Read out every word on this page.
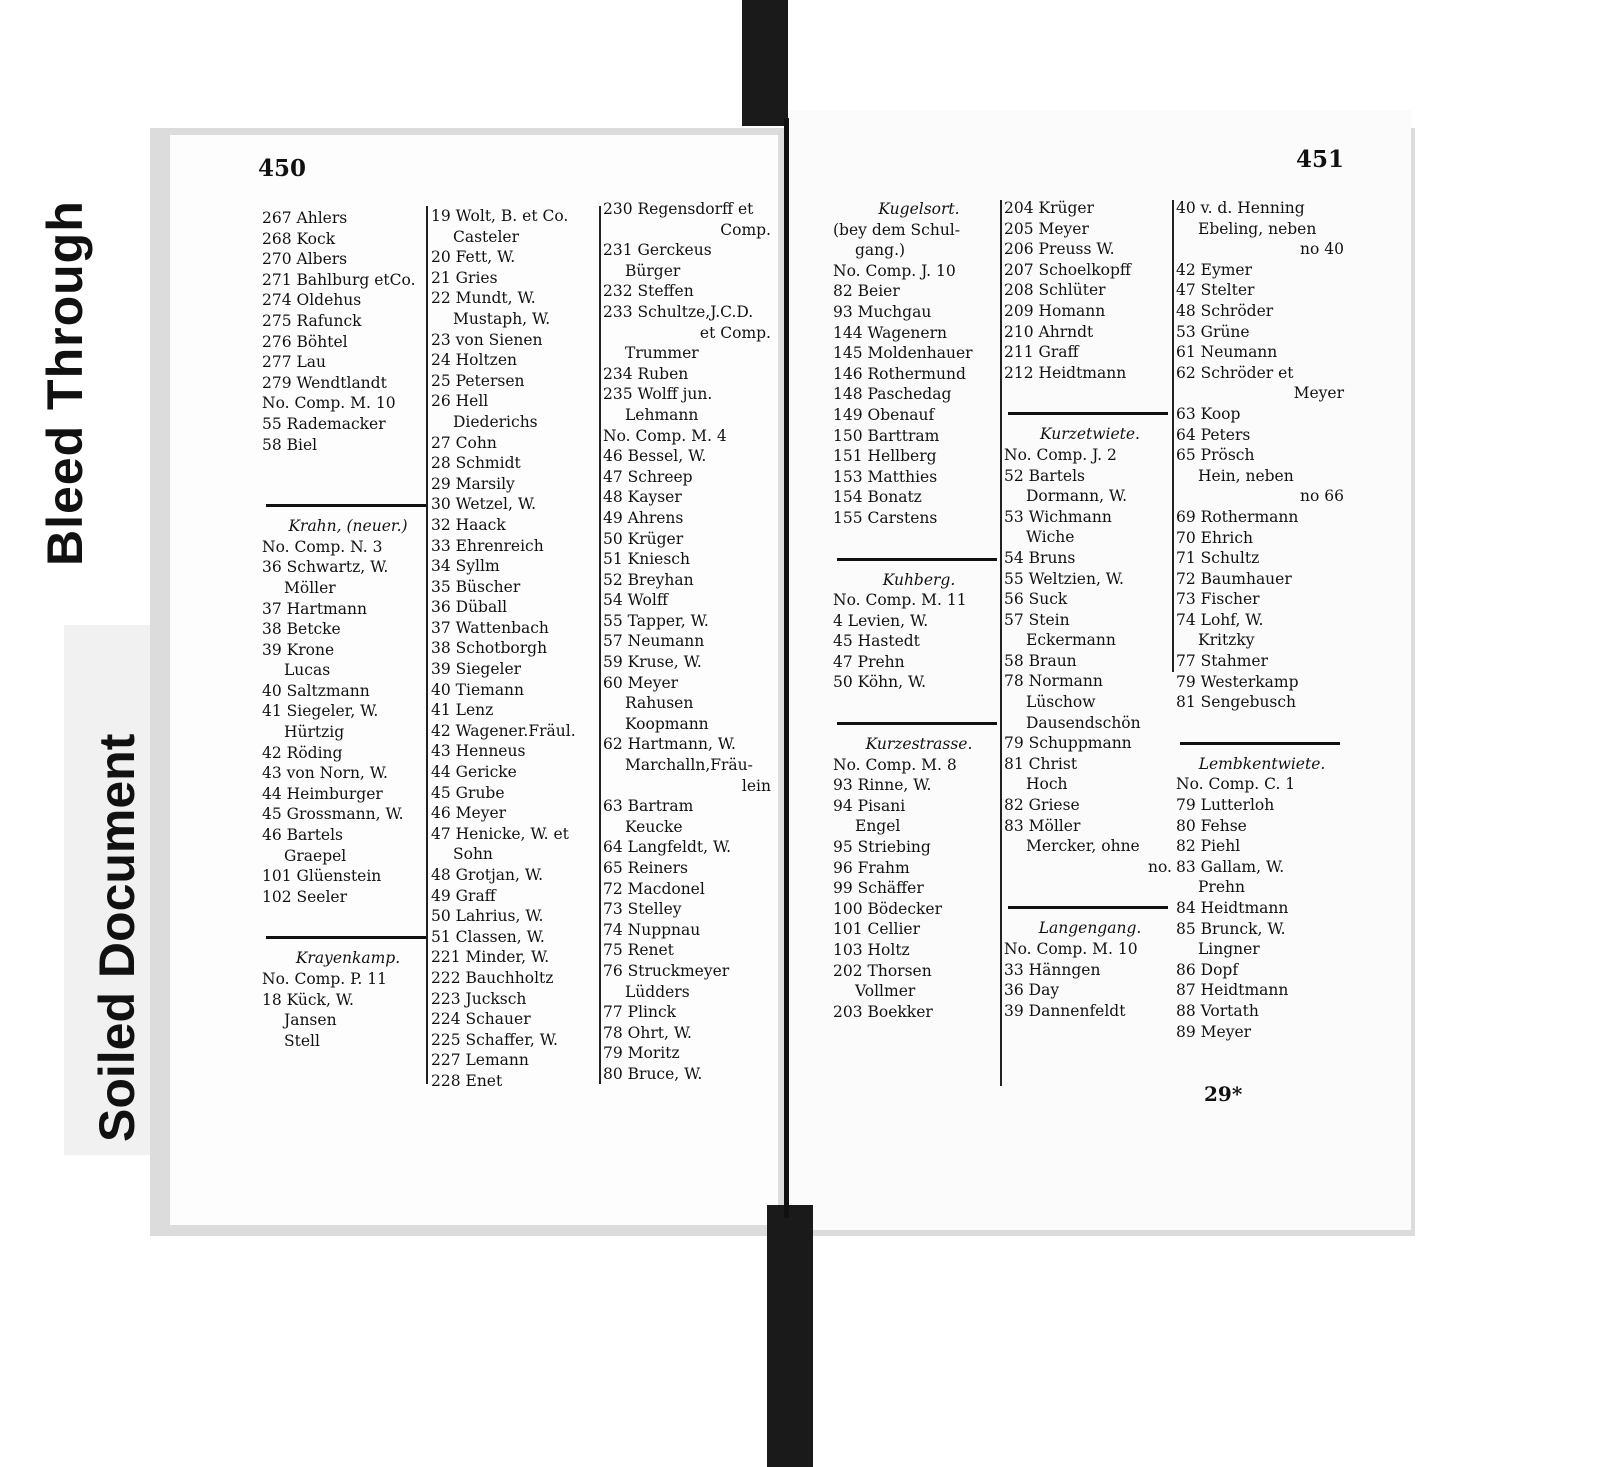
Bleed Through
Soiled Document
450	451
267 Ahlers
268 Kock
270 Albers
271 Bahlburg etCo.
274 Oldehus
275 Rafunck
276 Böhtel
277 Lau
279 Wendtlandt
No. Comp. M. 10
55 Rademacker
58 Biel
Krahn, (neuer.)
No. Comp. N. 3
36 Schwartz, W.
Möller
37 Hartmann
38 Betcke
39 Krone
Lucas
40 Saltzmann
41 Siegeler, W.
Hürtzig
42 Röding
43 von Norn, W.
44 Heimburger
45 Grossmann, W.
46 Bartels
Graepel
101 Glüenstein
102 Seeler
Krayenkamp.
No. Comp. P. 11
18 Kück, W.
Jansen
Stell
19 Wolt, B. et Co.
Casteler
20 Fett, W.
21 Gries
22 Mundt, W.
Mustaph, W.
23 von Sienen
24 Holtzen
25 Petersen
26 Hell
Diederichs
27 Cohn
28 Schmidt
29 Marsily
30 Wetzel, W.
32 Haack
33 Ehrenreich
34 Syllm
35 Büscher
36 Düball
37 Wattenbach
38 Schotborgh
39 Siegeler
40 Tiemann
41 Lenz
42 Wagener.Fräul.
43 Henneus
44 Gericke
45 Grube
46 Meyer
47 Henicke, W. et
Sohn
48 Grotjan, W.
49 Graff
50 Lahrius, W.
51 Classen, W.
221 Minder, W.
222 Bauchholtz
223 Jucksch
224 Schauer
225 Schaffer, W.
227 Lemann
228 Enet
230 Regensdorff et
Comp.
231 Gerckeus
Bürger
232 Steffen
233 Schultze,J.C.D.
et Comp.
Trummer
234 Ruben
235 Wolff jun.
Lehmann
No. Comp. M. 4
46 Bessel, W.
47 Schreep
48 Kayser
49 Ahrens
50 Krüger
51 Kniesch
52 Breyhan
54 Wolff
55 Tapper, W.
57 Neumann
59 Kruse, W.
60 Meyer
Rahusen
Koopmann
62 Hartmann, W.
Marchalln,Fräu-
lein
63 Bartram
Keucke
64 Langfeldt, W.
65 Reiners
72 Macdonel
73 Stelley
74 Nuppnau
75 Renet
76 Struckmeyer
Lüdders
77 Plinck
78 Ohrt, W.
79 Moritz
80 Bruce, W.
Kugelsort.
(bey dem Schul-
gang.)
No. Comp. J. 10
82 Beier
93 Muchgau
144 Wagenern
145 Moldenhauer
146 Rothermund
148 Paschedag
149 Obenauf
150 Barttram
151 Hellberg
153 Matthies
154 Bonatz
155 Carstens
Kuhberg.
No. Comp. M. 11
4 Levien, W.
45 Hastedt
47 Prehn
50 Köhn, W.
Kurzestrasse.
No. Comp. M. 8
93 Rinne, W.
94 Pisani
Engel
95 Striebing
96 Frahm
99 Schäffer
100 Bödecker
101 Cellier
103 Holtz
202 Thorsen
Vollmer
203 Boekker
204 Krüger
205 Meyer
206 Preuss W.
207 Schoelkopff
208 Schlüter
209 Homann
210 Ahrndt
211 Graff
212 Heidtmann
Kurzetwiete.
No. Comp. J. 2
52 Bartels
Dormann, W.
53 Wichmann
Wiche
54 Bruns
55 Weltzien, W.
56 Suck
57 Stein
Eckermann
58 Braun
78 Normann
Lüschow
Dausendschön
79 Schuppmann
81 Christ
Hoch
82 Griese
83 Möller
Mercker, ohne
no.
Langengang.
No. Comp. M. 10
33 Hänngen
36 Day
39 Dannenfeldt
40 v. d. Henning
Ebeling, neben
no 40
42 Eymer
47 Stelter
48 Schröder
53 Grüne
61 Neumann
62 Schröder et
Meyer
63 Koop
64 Peters
65 Prösch
Hein, neben
no 66
69 Rothermann
70 Ehrich
71 Schultz
72 Baumhauer
73 Fischer
74 Lohf, W.
Kritzky
77 Stahmer
79 Westerkamp
81 Sengebusch
Lembkentwiete.
No. Comp. C. 1
79 Lutterloh
80 Fehse
82 Piehl
83 Gallam, W.
Prehn
84 Heidtmann
85 Brunck, W.
Lingner
86 Dopf
87 Heidtmann
88 Vortath
89 Meyer
29*
